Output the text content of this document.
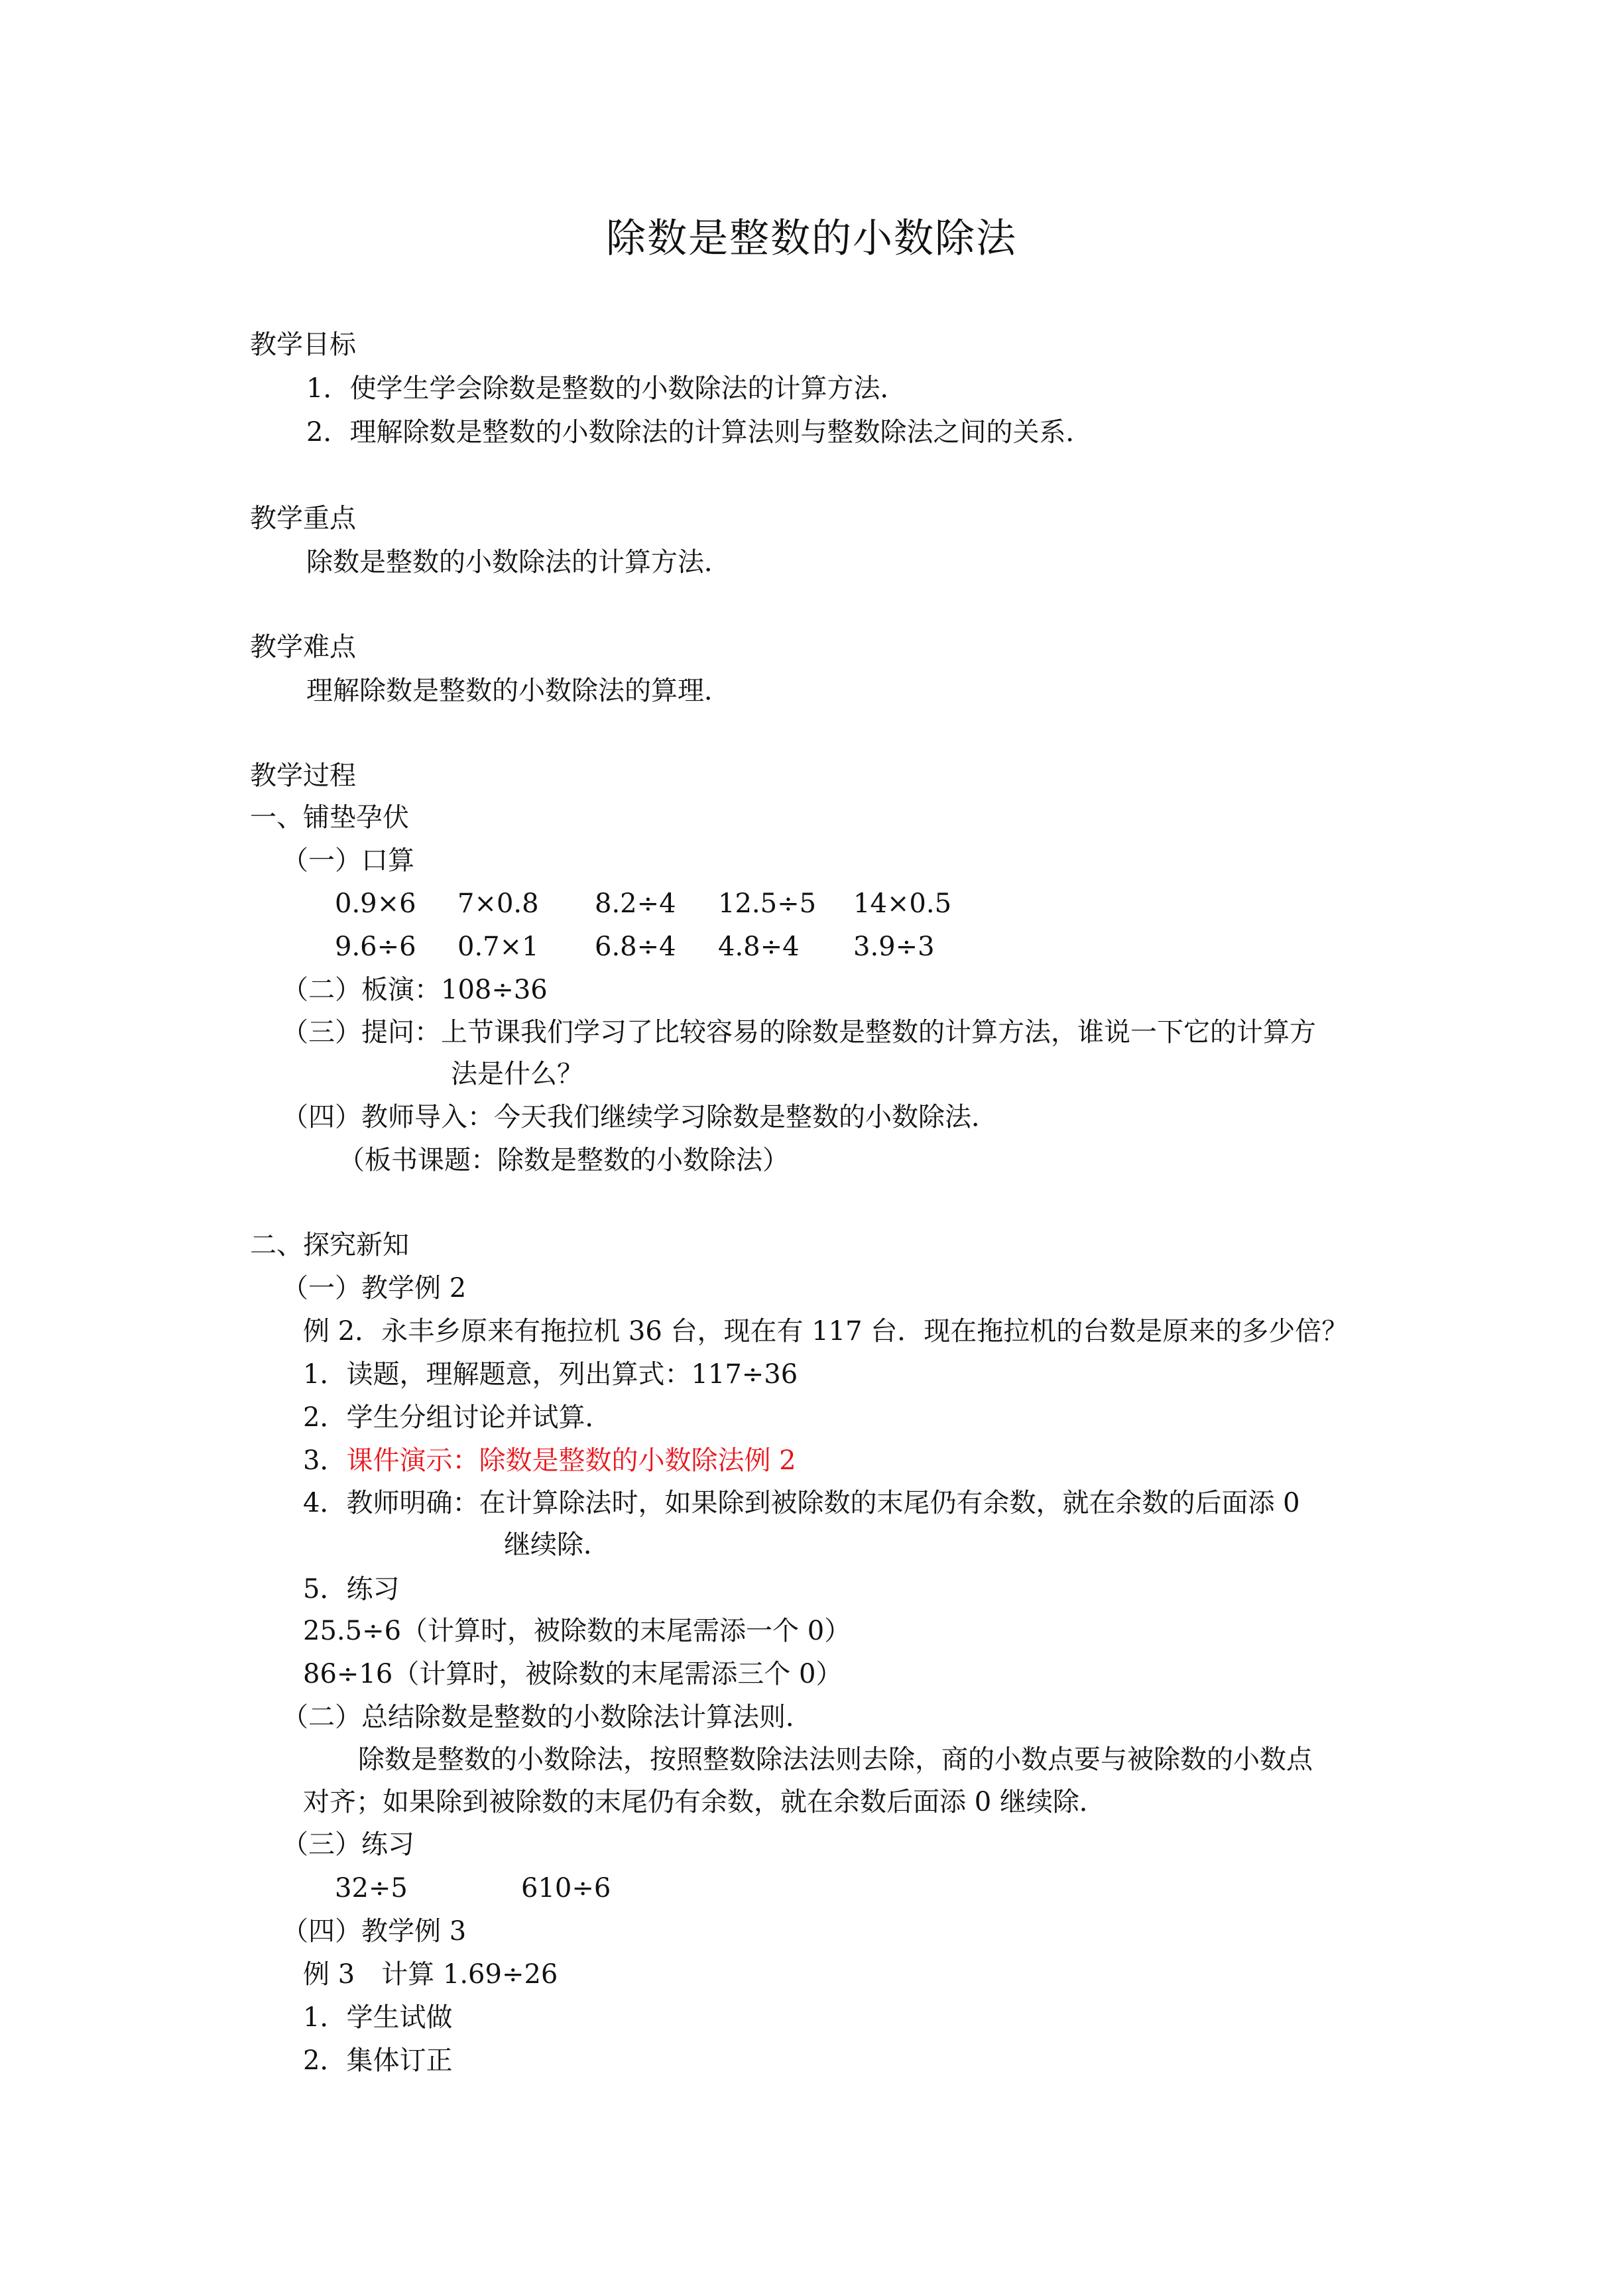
除数是整数的小数除法
教学目标
1．使学生学会除数是整数的小数除法的计算方法．
2．理解除数是整数的小数除法的计算法则与整数除法之间的关系．
教学重点
除数是整数的小数除法的计算方法．
教学难点
理解除数是整数的小数除法的算理．
教学过程
一、铺垫孕伏
（一）口算
0.9×6 7×0.8 8.2÷4 12.5÷5 14×0.5
9.6÷6 0.7×1 6.8÷4 4.8÷4 3.9÷3
（二）板演：108÷36
（三）提问：上节课我们学习了比较容易的除数是整数的计算方法，谁说一下它的计算方
法是什么？
（四）教师导入：今天我们继续学习除数是整数的小数除法．
（板书课题：除数是整数的小数除法）
二、探究新知
（一）教学例 2
例 2．永丰乡原来有拖拉机 36 台，现在有 117 台．现在拖拉机的台数是原来的多少倍？
1．读题，理解题意，列出算式：117÷36
2．学生分组讨论并试算．
3．课件演示：除数是整数的小数除法例 2
4．教师明确：在计算除法时，如果除到被除数的末尾仍有余数，就在余数的后面添 0
继续除．
5．练习
25.5÷6（计算时，被除数的末尾需添一个 0）
86÷16（计算时，被除数的末尾需添三个 0）
（二）总结除数是整数的小数除法计算法则．
除数是整数的小数除法，按照整数除法法则去除，商的小数点要与被除数的小数点
对齐；如果除到被除数的末尾仍有余数，就在余数后面添 0 继续除．
（三）练习
32÷5	610÷6
（四）教学例 3
例 3　计算 1.69÷26
1．学生试做
2．集体订正
